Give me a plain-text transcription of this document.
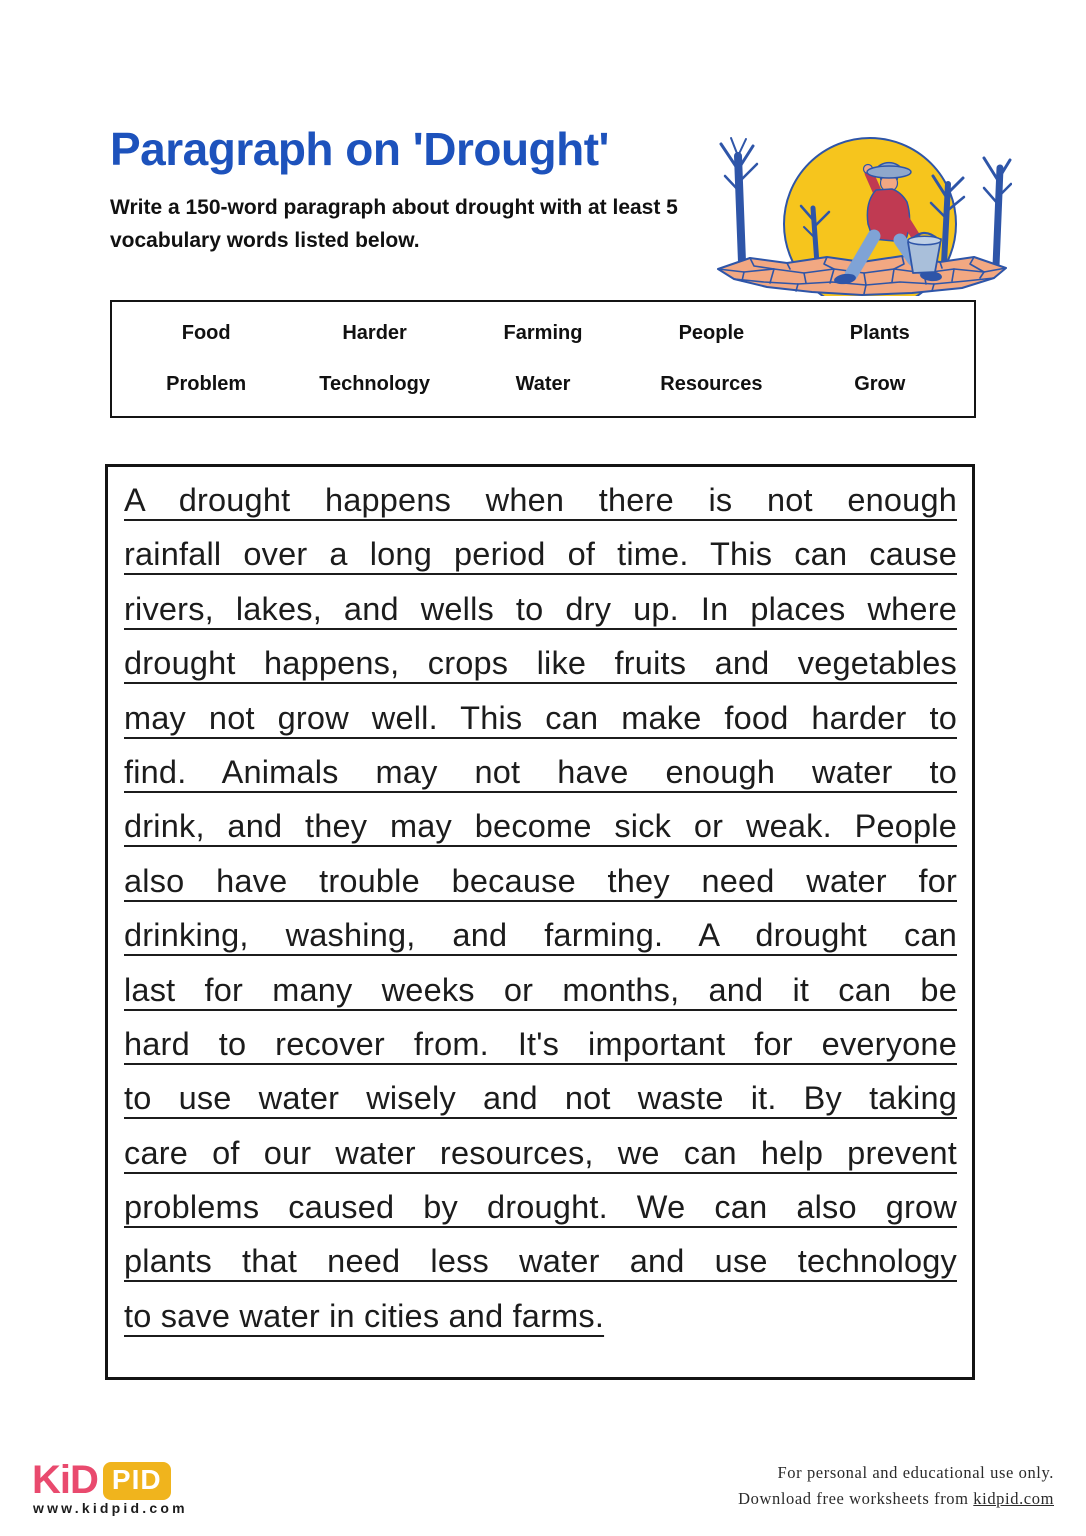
Paragraph on 'Drought'
Write a 150-word paragraph about drought with at least 5
vocabulary words listed below.
Food	Harder	Farming	People	Plants
Problem	Technology	Water	Resources	Grow
A drought happens when there is not enough
rainfall over a long period of time. This can cause
rivers, lakes, and wells to dry up. In places where
drought happens, crops like fruits and vegetables
may not grow well. This can make food harder to
find. Animals may not have enough water to
drink, and they may become sick or weak. People
also have trouble because they need water for
drinking, washing, and farming. A drought can
last for many weeks or months, and it can be
hard to recover from. It's important for everyone
to use water wisely and not waste it. By taking
care of our water resources, we can help prevent
problems caused by drought. We can also grow
plants that need less water and use technology
to save water in cities and farms.
KiD PID
www.kidpid.com
For personal and educational use only.
Download free worksheets from kidpid.com
